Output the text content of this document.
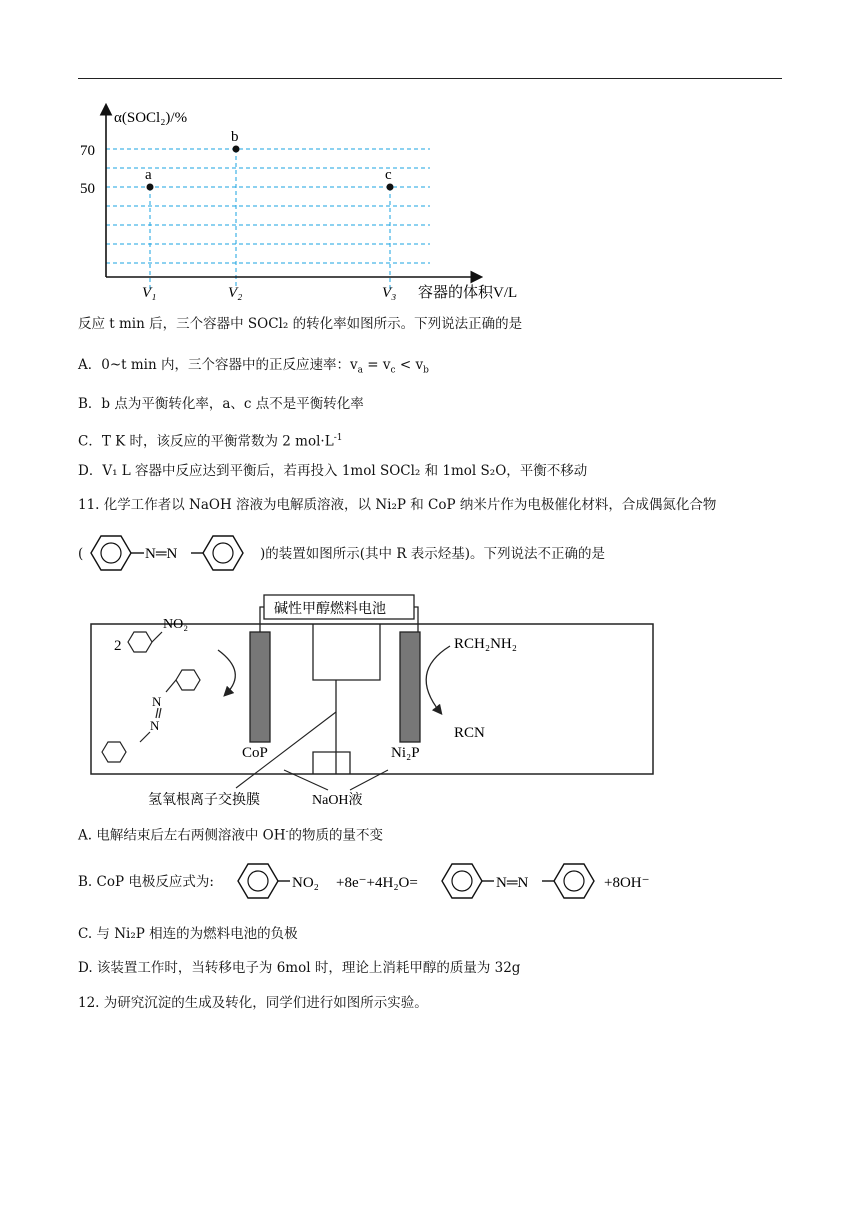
α(SOCl₂)/%
70
50
V₁	V₂	V₃ 容器的体积V/L
a
b
c
反应 t min 后，三个容器中 SOCl₂ 的转化率如图所示。下列说法正确的是
A．0~t min 内，三个容器中的正反应速率：$v_a = v_c < v_b$
B．b 点为平衡转化率，a、c 点不是平衡转化率
C．T K 时，该反应的平衡常数为 2 $mol\cdot L^{-1}$
D．V₁ L 容器中反应达到平衡后，若再投入 1mol SOCl₂ 和 1mol S₂O，平衡不移动
11. 化学工作者以 NaOH 溶液为电解质溶液，以 Ni₂P 和 CoP 纳米片作为电极催化材料，合成偶氮化合物
(	N═N	)的装置如图所示(其中 R 表示烃基)。下列说法不正确的是
碱性甲醇燃料电池
CoP	Ni₂P
2
NO₂
N
N
RCH₂NH₂
RCN
氢氧根离子交换膜	NaOH液
A. 电解结束后左右两侧溶液中 OH-的物质的量不变
B. CoP 电极反应式为:	NO₂ +8e⁻+4H₂O=	N═N	+8OH⁻
C. 与 Ni₂P 相连的为燃料电池的负极
D. 该装置工作时，当转移电子为 6mol 时，理论上消耗甲醇的质量为 32g
12. 为研究沉淀的生成及转化，同学们进行如图所示实验。
